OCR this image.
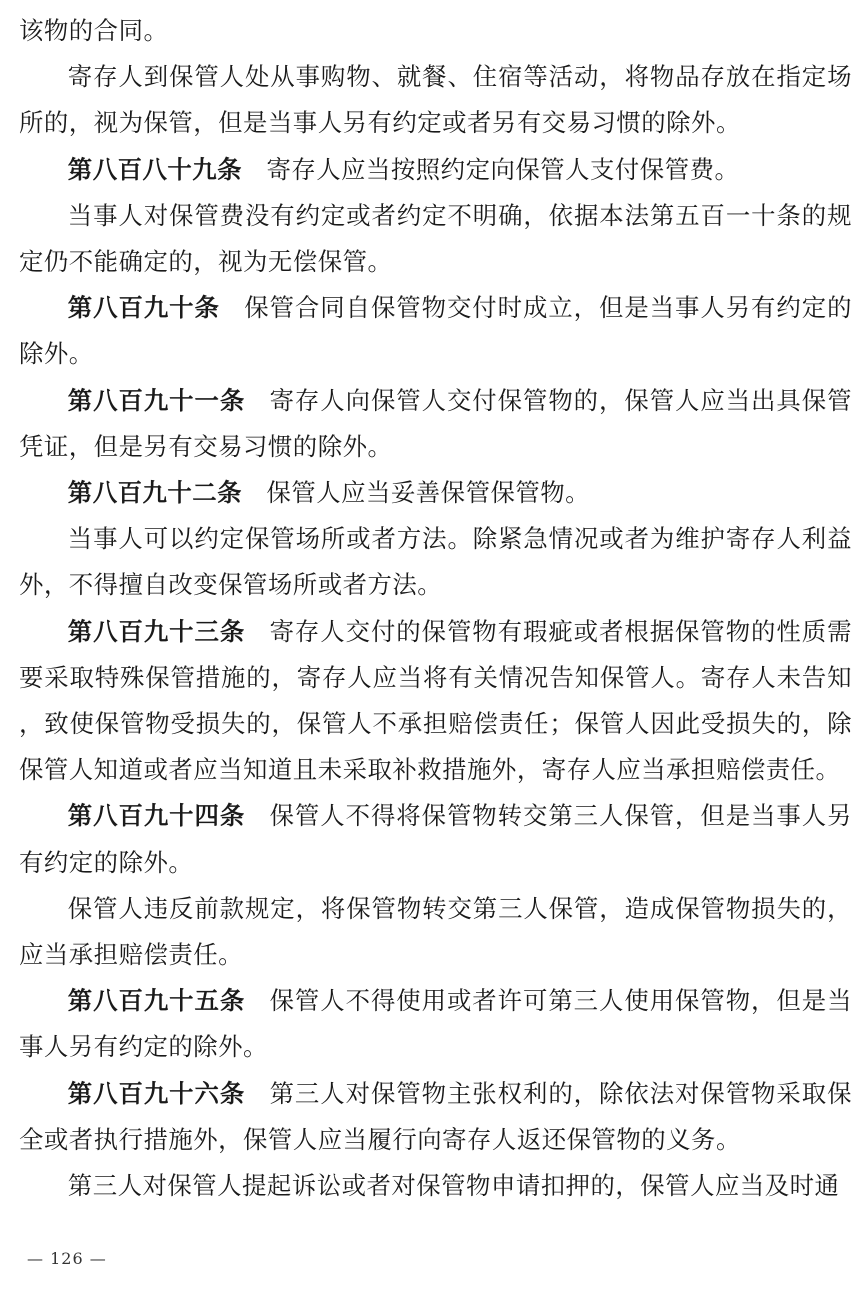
该物的合同。

寄存人到保管人处从事购物、就餐、住宿等活动，将物品存放在指定场所的，视为保管，但是当事人另有约定或者另有交易习惯的除外。

第八百八十九条 寄存人应当按照约定向保管人支付保管费。

当事人对保管费没有约定或者约定不明确，依据本法第五百一十条的规定仍不能确定的，视为无偿保管。

第八百九十条 保管合同自保管物交付时成立，但是当事人另有约定的除外。

第八百九十一条 寄存人向保管人交付保管物的，保管人应当出具保管凭证，但是另有交易习惯的除外。

第八百九十二条 保管人应当妥善保管保管物。

当事人可以约定保管场所或者方法。除紧急情况或者为维护寄存人利益外，不得擅自改变保管场所或者方法。

第八百九十三条 寄存人交付的保管物有瑕疵或者根据保管物的性质需要采取特殊保管措施的，寄存人应当将有关情况告知保管人。寄存人未告知，致使保管物受损失的，保管人不承担赔偿责任；保管人因此受损失的，除保管人知道或者应当知道且未采取补救措施外，寄存人应当承担赔偿责任。

第八百九十四条 保管人不得将保管物转交第三人保管，但是当事人另有约定的除外。

保管人违反前款规定，将保管物转交第三人保管，造成保管物损失的，应当承担赔偿责任。

第八百九十五条 保管人不得使用或者许可第三人使用保管物，但是当事人另有约定的除外。

第八百九十六条 第三人对保管物主张权利的，除依法对保管物采取保全或者执行措施外，保管人应当履行向寄存人返还保管物的义务。

第三人对保管人提起诉讼或者对保管物申请扣押的，保管人应当及时通

— 126 —
